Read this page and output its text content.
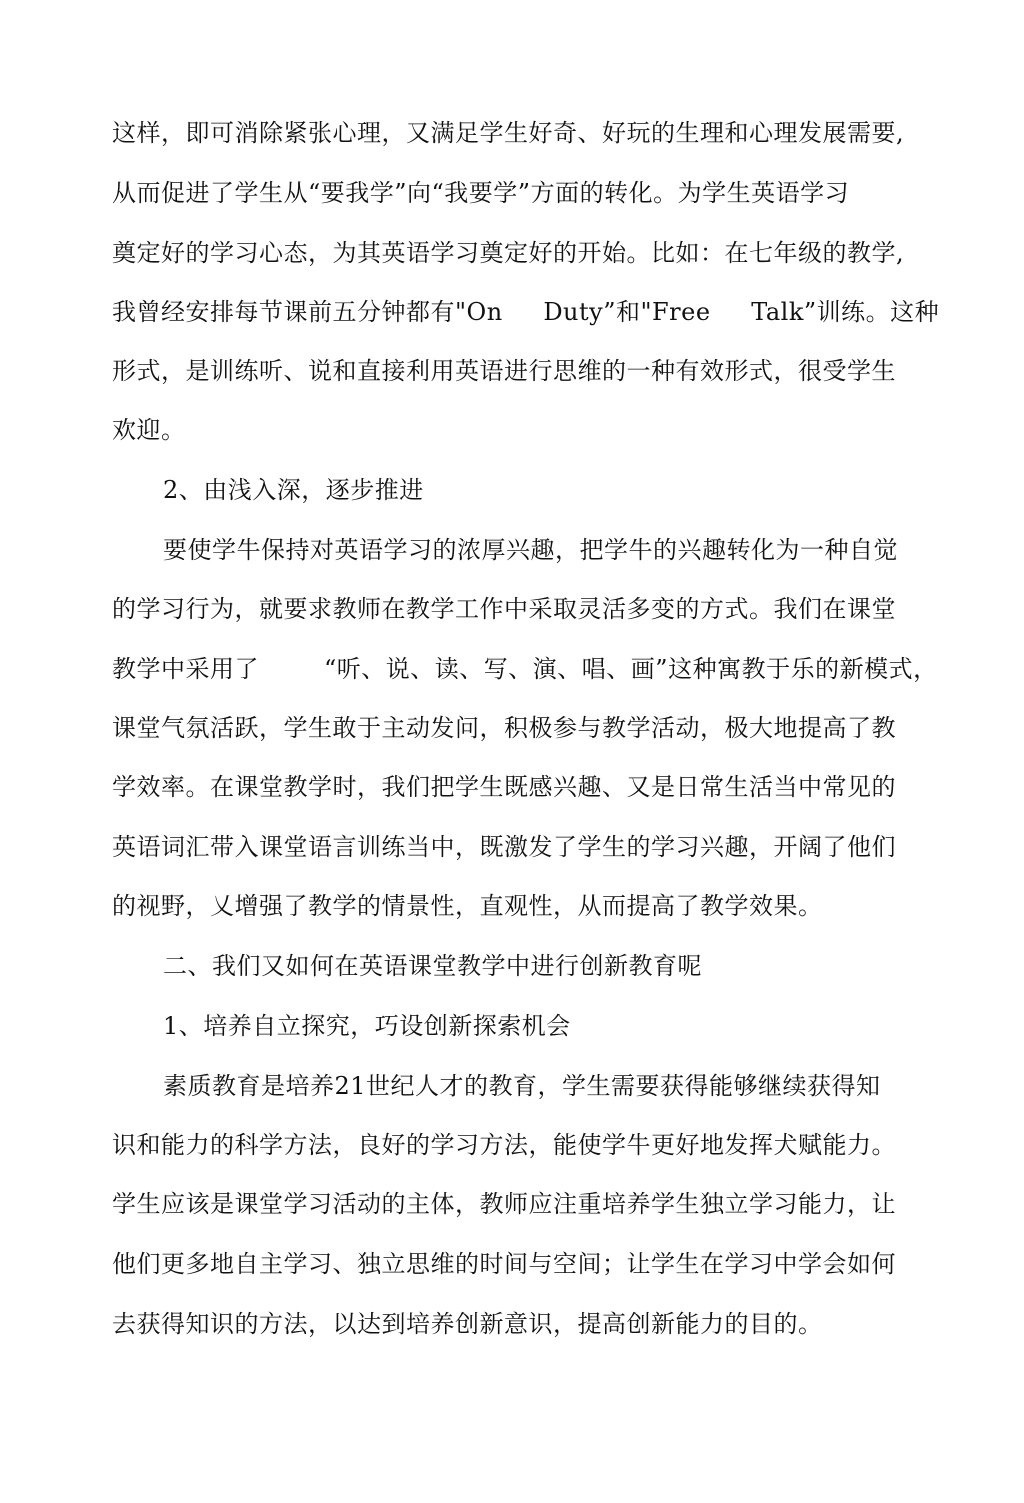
这样，即可消除紧张心理，又满足学生好奇、好玩的生理和心理发展需要,
从而促进了学生从“要我学”向“我要学”方面的转化。为学生英语学习
奠定好的学习心态，为其英语学习奠定好的开始。比如：在七年级的教学,
我曾经安排每节课前五分钟都有"On     Duty”和"Free     Talk”训练。这种
形式，是训练听、说和直接利用英语进行思维的一种有效形式，很受学生
欢迎。
2、由浅入深，逐步推进
要使学牛保持对英语学习的浓厚兴趣，把学牛的兴趣转化为一种自觉
的学习行为，就要求教师在教学工作中采取灵活多变的方式。我们在课堂
教学中采用了        “听、说、读、写、演、唱、画”这种寓教于乐的新模式，
课堂气氛活跃，学生敢于主动发问，积极参与教学活动，极大地提高了教
学效率。在课堂教学时，我们把学生既感兴趣、又是日常生活当中常见的
英语词汇带入课堂语言训练当中，既激发了学生的学习兴趣，开阔了他们
的视野，乂增强了教学的情景性，直观性，从而提高了教学效果。
二、我们又如何在英语课堂教学中进行创新教育呢
1、培养自立探究，巧设创新探索机会
素质教育是培养21世纪人才的教育，学生需要获得能够继续获得知
识和能力的科学方法，良好的学习方法，能使学牛更好地发挥犬赋能力。
学生应该是课堂学习活动的主体，教师应注重培养学生独立学习能力，让
他们更多地自主学习、独立思维的时间与空间；让学生在学习中学会如何
去获得知识的方法，以达到培养创新意识，提高创新能力的目的。
